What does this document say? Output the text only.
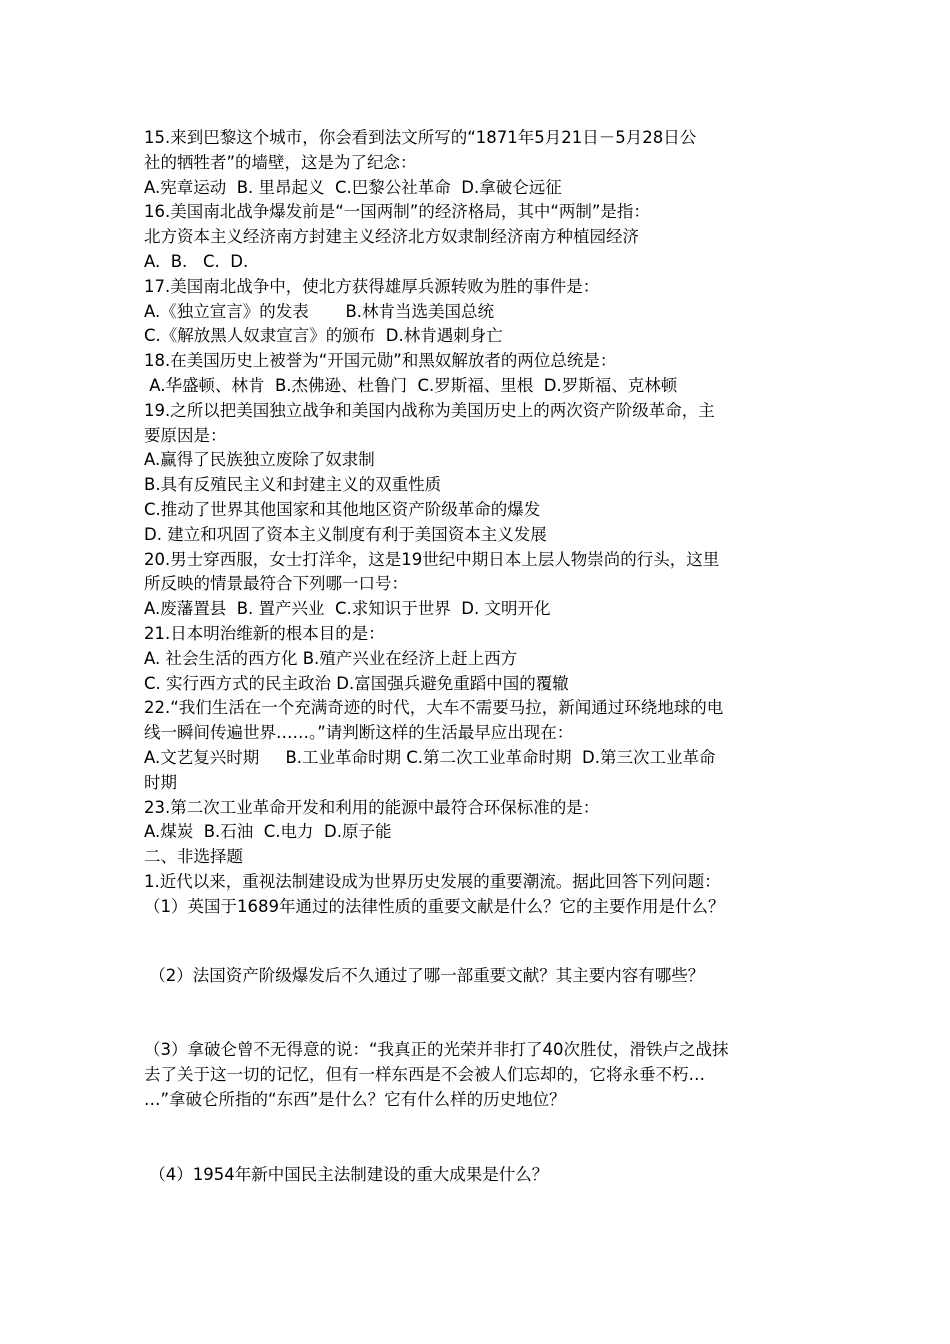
15.来到巴黎这个城市，你会看到法文所写的“1871年5月21日－5月28日公
社的牺牲者”的墙壁，这是为了纪念：
A.宪章运动  B. 里昂起义  C.巴黎公社革命  D.拿破仑远征
16.美国南北战争爆发前是“一国两制”的经济格局，其中“两制”是指：
北方资本主义经济南方封建主义经济北方奴隶制经济南方种植园经济
A.  B.   C.  D.
17.美国南北战争中，使北方获得雄厚兵源转败为胜的事件是：
A.《独立宣言》的发表       B.林肯当选美国总统
C.《解放黑人奴隶宣言》的颁布  D.林肯遇刺身亡
18.在美国历史上被誉为“开国元勋”和黑奴解放者的两位总统是：
A.华盛顿、林肯  B.杰佛逊、杜鲁门  C.罗斯福、里根  D.罗斯福、克林顿
19.之所以把美国独立战争和美国内战称为美国历史上的两次资产阶级革命，主
要原因是：
A.赢得了民族独立废除了奴隶制
B.具有反殖民主义和封建主义的双重性质
C.推动了世界其他国家和其他地区资产阶级革命的爆发
D. 建立和巩固了资本主义制度有利于美国资本主义发展
20.男士穿西服，女士打洋伞，这是19世纪中期日本上层人物崇尚的行头，这里
所反映的情景最符合下列哪一口号：
A.废藩置县  B. 置产兴业  C.求知识于世界  D. 文明开化
21.日本明治维新的根本目的是：
A. 社会生活的西方化 B.殖产兴业在经济上赶上西方
C. 实行西方式的民主政治 D.富国强兵避免重蹈中国的覆辙
22.“我们生活在一个充满奇迹的时代，大车不需要马拉，新闻通过环绕地球的电
线一瞬间传遍世界……。”请判断这样的生活最早应出现在：
A.文艺复兴时期     B.工业革命时期 C.第二次工业革命时期  D.第三次工业革命
时期
23.第二次工业革命开发和利用的能源中最符合环保标准的是：
A.煤炭  B.石油  C.电力  D.原子能
二、非选择题
1.近代以来，重视法制建设成为世界历史发展的重要潮流。据此回答下列问题：
（1）英国于1689年通过的法律性质的重要文献是什么？它的主要作用是什么？
（2）法国资产阶级爆发后不久通过了哪一部重要文献？其主要内容有哪些？
（3）拿破仑曾不无得意的说：“我真正的光荣并非打了40次胜仗，滑铁卢之战抹
去了关于这一切的记忆，但有一样东西是不会被人们忘却的，它将永垂不朽…
…”拿破仑所指的“东西”是什么？它有什么样的历史地位？
（4）1954年新中国民主法制建设的重大成果是什么？
